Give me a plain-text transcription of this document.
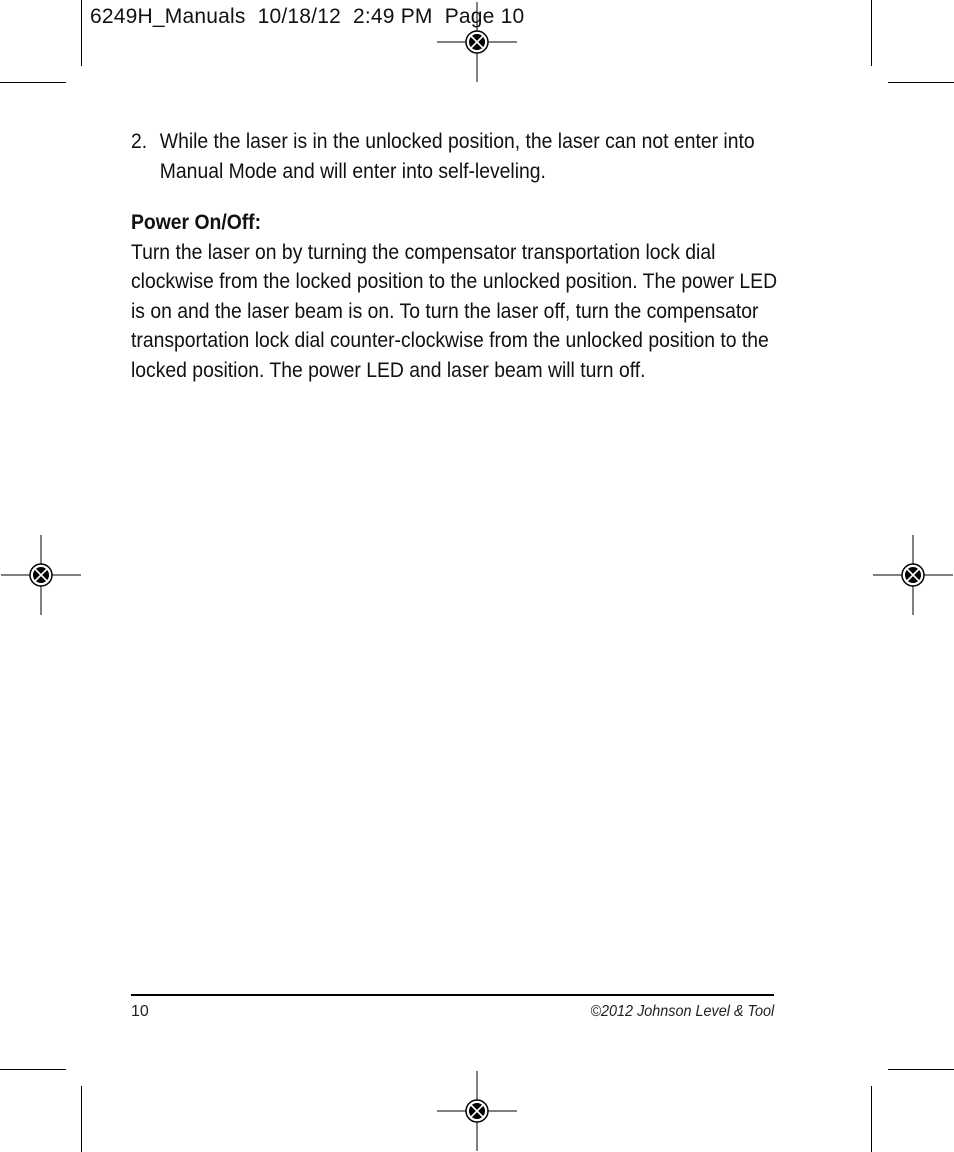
6249H_Manuals  10/18/12  2:49 PM  Page 10
2. While the laser is in the unlocked position, the laser can not enter into Manual Mode and will enter into self-leveling.
Power On/Off:

Turn the laser on by turning the compensator transportation lock dial clockwise from the locked position to the unlocked position. The power LED is on and the laser beam is on. To turn the laser off, turn the compensator transportation lock dial counter-clockwise from the unlocked position to the locked position. The power LED and laser beam will turn off.

10	©2012 Johnson Level & Tool
